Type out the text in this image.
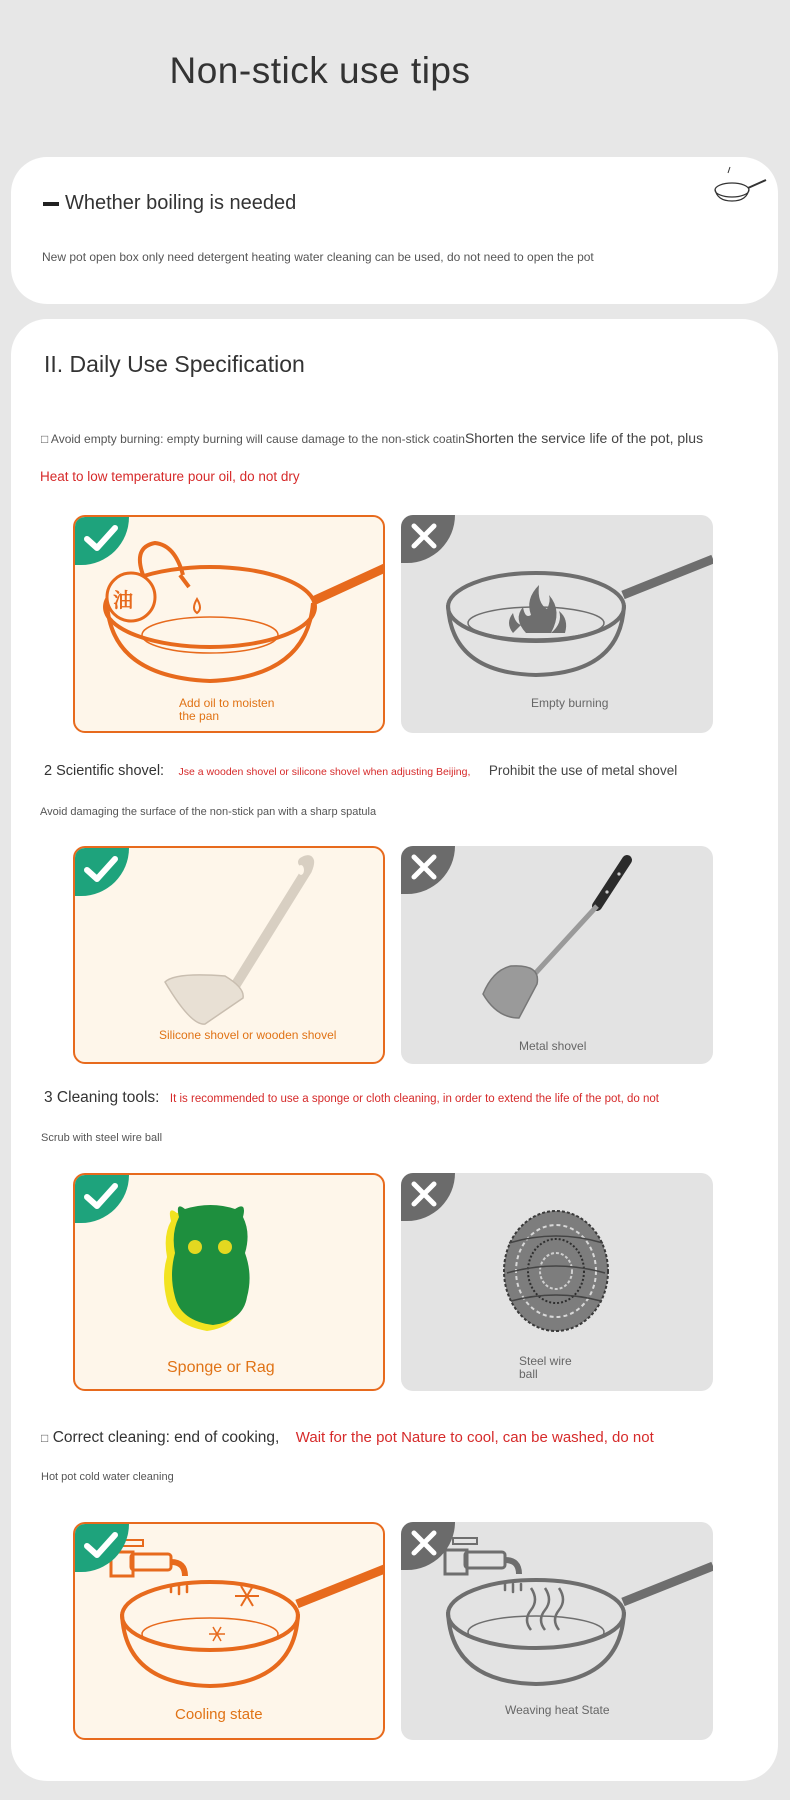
Non-stick use tips
Whether boiling is needed
New pot open box only need detergent heating water cleaning can be used, do not need to open the pot
II. Daily Use Specification
□ Avoid empty burning: empty burning will cause damage to the non-stick coatinShorten the service life of the pot, plus
Heat to low temperature pour oil, do not dry
油
Add oil to moisten the pan
Empty burning
2 Scientific shovel: Jse a wooden shovel or silicone shovel when adjusting Beijing, Prohibit the use of metal shovel
Avoid damaging the surface of the non-stick pan with a sharp spatula
Silicone shovel or wooden shovel
Metal shovel
3 Cleaning tools: It is recommended to use a sponge or cloth cleaning, in order to extend the life of the pot, do not
Scrub with steel wire ball
Sponge or Rag	Steel wire ball
□ Correct cleaning: end of cooking, Wait for the pot Nature to cool, can be washed, do not
Hot pot cold water cleaning
Cooling state	Weaving heat State
